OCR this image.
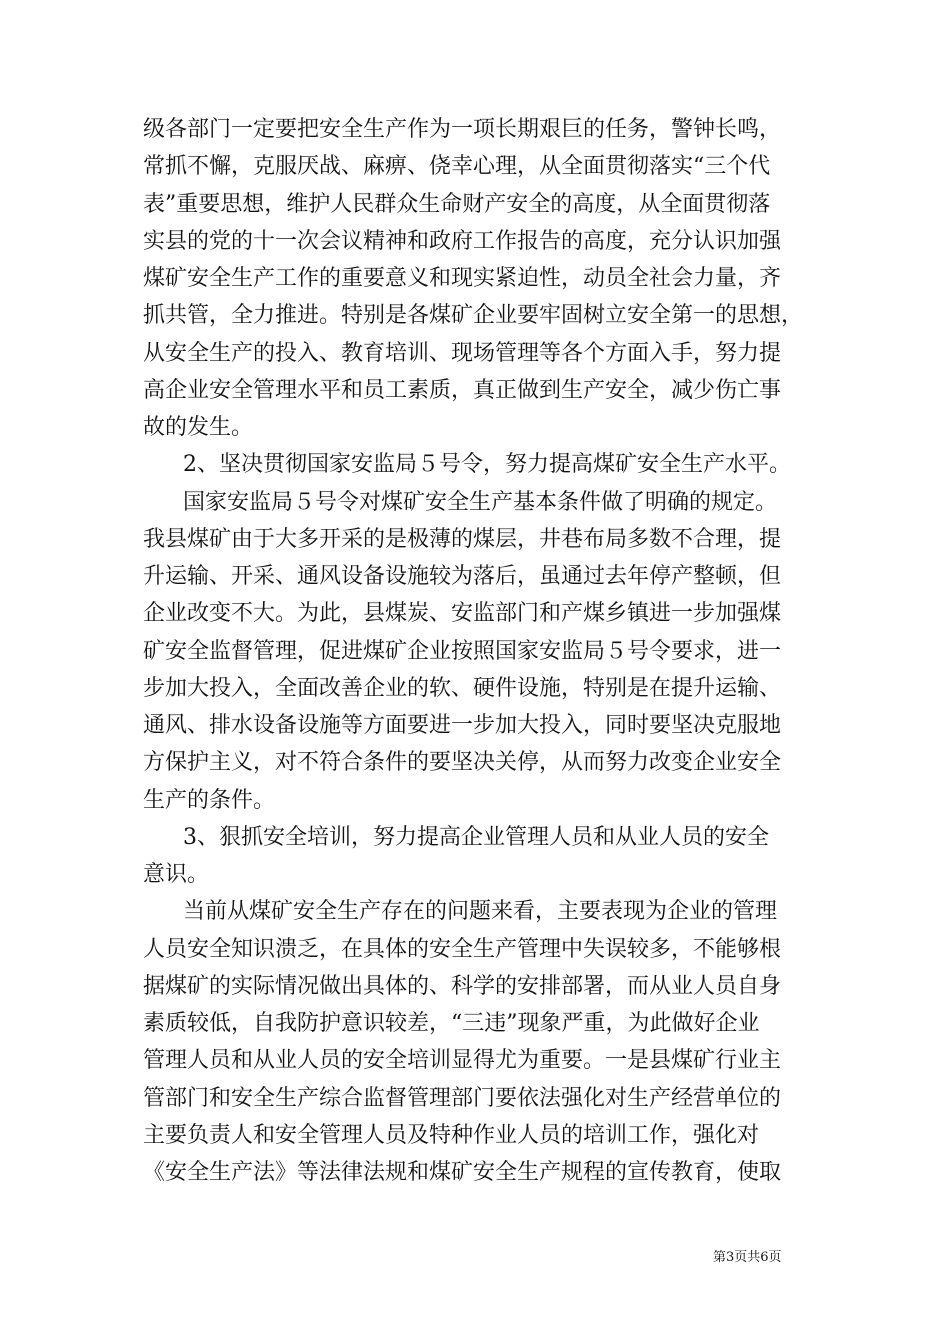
级各部门一定要把安全生产作为一项长期艰巨的任务，警钟长鸣，
常抓不懈，克服厌战、麻痹、侥幸心理，从全面贯彻落实“三个代
表”重要思想，维护人民群众生命财产安全的高度，从全面贯彻落
实县的党的十一次会议精神和政府工作报告的高度，充分认识加强
煤矿安全生产工作的重要意义和现实紧迫性，动员全社会力量，齐
抓共管，全力推进。特别是各煤矿企业要牢固树立安全第一的思想，
从安全生产的投入、教育培训、现场管理等各个方面入手，努力提
高企业安全管理水平和员工素质，真正做到生产安全，减少伤亡事
故的发生。
2、坚决贯彻国家安监局５号令，努力提高煤矿安全生产水平。
国家安监局５号令对煤矿安全生产基本条件做了明确的规定。
我县煤矿由于大多开采的是极薄的煤层，井巷布局多数不合理，提
升运输、开采、通风设备设施较为落后，虽通过去年停产整顿，但
企业改变不大。为此，县煤炭、安监部门和产煤乡镇进一步加强煤
矿安全监督管理，促进煤矿企业按照国家安监局５号令要求，进一
步加大投入，全面改善企业的软、硬件设施，特别是在提升运输、
通风、排水设备设施等方面要进一步加大投入，同时要坚决克服地
方保护主义，对不符合条件的要坚决关停，从而努力改变企业安全
生产的条件。
3、狠抓安全培训，努力提高企业管理人员和从业人员的安全
意识。
当前从煤矿安全生产存在的问题来看，主要表现为企业的管理
人员安全知识溃乏，在具体的安全生产管理中失误较多，不能够根
据煤矿的实际情况做出具体的、科学的安排部署，而从业人员自身
素质较低，自我防护意识较差，“三违”现象严重，为此做好企业
管理人员和从业人员的安全培训显得尤为重要。一是县煤矿行业主
管部门和安全生产综合监督管理部门要依法强化对生产经营单位的
主要负责人和安全管理人员及特种作业人员的培训工作，强化对
《安全生产法》等法律法规和煤矿安全生产规程的宣传教育，使取
第3页共6页
